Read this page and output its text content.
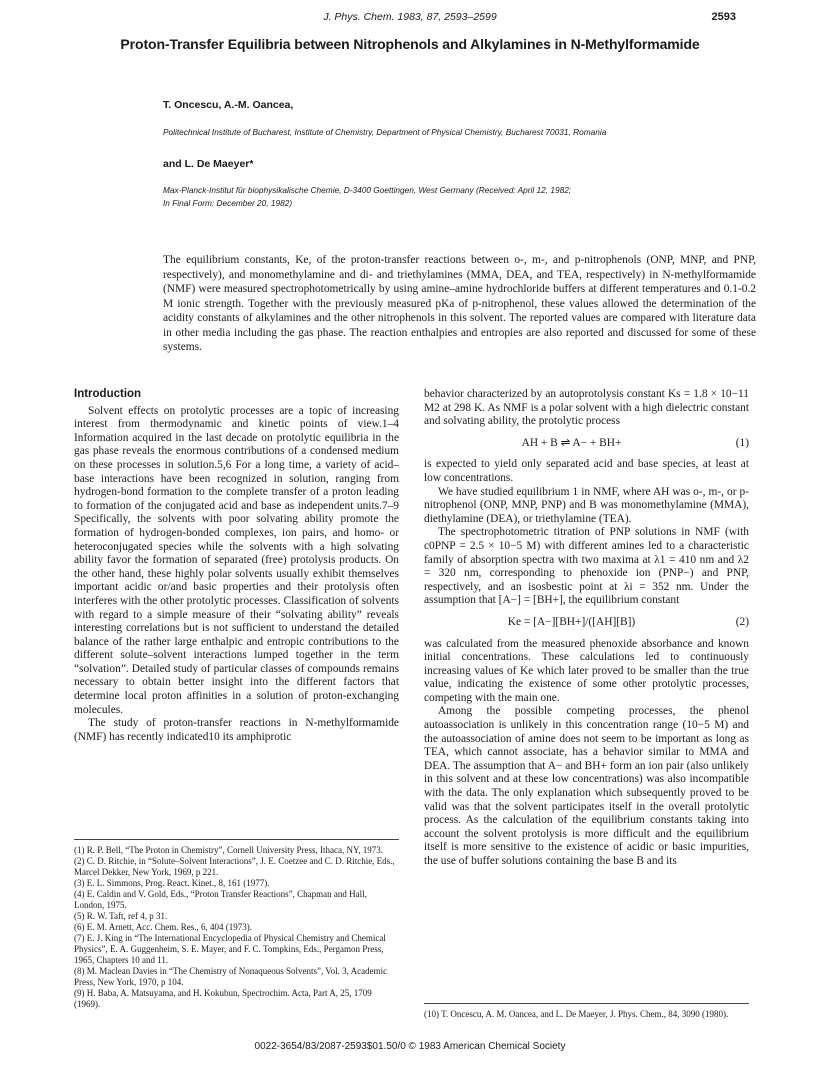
J. Phys. Chem. 1983, 87, 2593–2599	2593
Proton-Transfer Equilibria between Nitrophenols and Alkylamines in N-Methylformamide
T. Oncescu, A.-M. Oancea,
Politechnical Institute of Bucharest, Institute of Chemistry, Department of Physical Chemistry, Bucharest 70031, Romania
and L. De Maeyer*
Max-Planck-Institut für biophysikalische Chemie, D-3400 Goettingen, West Germany (Received: April 12, 1982;
In Final Form: December 20, 1982)
The equilibrium constants, Ke, of the proton-transfer reactions between o-, m-, and p-nitrophenols (ONP, MNP, and PNP, respectively), and monomethylamine and di- and triethylamines (MMA, DEA, and TEA, respectively) in N-methylformamide (NMF) were measured spectrophotometrically by using amine–amine hydrochloride buffers at different temperatures and 0.1-0.2 M ionic strength. Together with the previously measured pKa of p-nitrophenol, these values allowed the determination of the acidity constants of alkylamines and the other nitrophenols in this solvent. The reported values are compared with literature data in other media including the gas phase. The reaction enthalpies and entropies are also reported and discussed for some of these systems.
Introduction

Solvent effects on protolytic processes are a topic of increasing interest from thermodynamic and kinetic points of view.1–4 Information acquired in the last decade on protolytic equilibria in the gas phase reveals the enormous contributions of a condensed medium on these processes in solution.5,6 For a long time, a variety of acid–base interactions have been recognized in solution, ranging from hydrogen-bond formation to the complete transfer of a proton leading to formation of the conjugated acid and base as independent units.7–9 Specifically, the solvents with poor solvating ability promote the formation of hydrogen-bonded complexes, ion pairs, and homo- or heteroconjugated species while the solvents with a high solvating ability favor the formation of separated (free) protolysis products. On the other hand, these highly polar solvents usually exhibit themselves important acidic or/and basic properties and their protolysis often interferes with the other protolytic processes. Classification of solvents with regard to a simple measure of their “solvating ability” reveals interesting correlations but is not sufficient to understand the detailed balance of the rather large enthalpic and entropic contributions to the different solute–solvent interactions lumped together in the term “solvation”. Detailed study of particular classes of compounds remains necessary to obtain better insight into the different factors that determine local proton affinities in a solution of proton-exchanging molecules.

The study of proton-transfer reactions in N-methylformamide (NMF) has recently indicated10 its amphiprotic

(1) R. P. Bell, “The Proton in Chemistry”, Cornell University Press, Ithaca, NY, 1973.
(2) C. D. Ritchie, in “Solute–Solvent Interactions”, J. E. Coetzee and C. D. Ritchie, Eds., Marcel Dekker, New York, 1969, p 221.
(3) E. L. Simmons, Prog. React. Kinet., 8, 161 (1977).
(4) E. Caldin and V. Gold, Eds., “Proton Transfer Reactions”, Chapman and Hall, London, 1975.
(5) R. W. Taft, ref 4, p 31.
(6) E. M. Arnett, Acc. Chem. Res., 6, 404 (1973).
(7) E. J. King in “The International Encyclopedia of Physical Chemistry and Chemical Physics”, E. A. Guggenheim, S. E. Mayer, and F. C. Tompkins, Eds., Pergamon Press, 1965, Chapters 10 and 11.
(8) M. Maclean Davies in “The Chemistry of Nonaqueous Solvents”, Vol. 3, Academic Press, New York, 1970, p 104.
(9) H. Baba, A. Matsuyama, and H. Kokubun, Spectrochim. Acta, Part A, 25, 1709 (1969).

behavior characterized by an autoprotolysis constant Ks = 1.8 × 10−11 M2 at 298 K. As NMF is a polar solvent with a high dielectric constant and solvating ability, the protolytic process

AH + B ⇌ A− + BH+	(1)

is expected to yield only separated acid and base species, at least at low concentrations.

We have studied equilibrium 1 in NMF, where AH was o-, m-, or p-nitrophenol (ONP, MNP, PNP) and B was monomethylamine (MMA), diethylamine (DEA), or triethylamine (TEA).

The spectrophotometric titration of PNP solutions in NMF (with c0PNP = 2.5 × 10−5 M) with different amines led to a characteristic family of absorption spectra with two maxima at λ1 = 410 nm and λ2 = 320 nm, corresponding to phenoxide ion (PNP−) and PNP, respectively, and an isosbestic point at λi = 352 nm. Under the assumption that [A−] = [BH+], the equilibrium constant

Ke = [A−][BH+]/([AH][B])	(2)

was calculated from the measured phenoxide absorbance and known initial concentrations. These calculations led to continuously increasing values of Ke which later proved to be smaller than the true value, indicating the existence of some other protolytic processes, competing with the main one.

Among the possible competing processes, the phenol autoassociation is unlikely in this concentration range (10−5 M) and the autoassociation of amine does not seem to be important as long as TEA, which cannot associate, has a behavior similar to MMA and DEA. The assumption that A− and BH+ form an ion pair (also unlikely in this solvent and at these low concentrations) was also incompatible with the data. The only explanation which subsequently proved to be valid was that the solvent participates itself in the overall protolytic process. As the calculation of the equilibrium constants taking into account the solvent protolysis is more difficult and the equilibrium itself is more sensitive to the existence of acidic or basic impurities, the use of buffer solutions containing the base B and its

(10) T. Oncescu, A. M. Oancea, and L. De Maeyer, J. Phys. Chem., 84, 3090 (1980).
0022-3654/83/2087-2593$01.50/0 © 1983 American Chemical Society
